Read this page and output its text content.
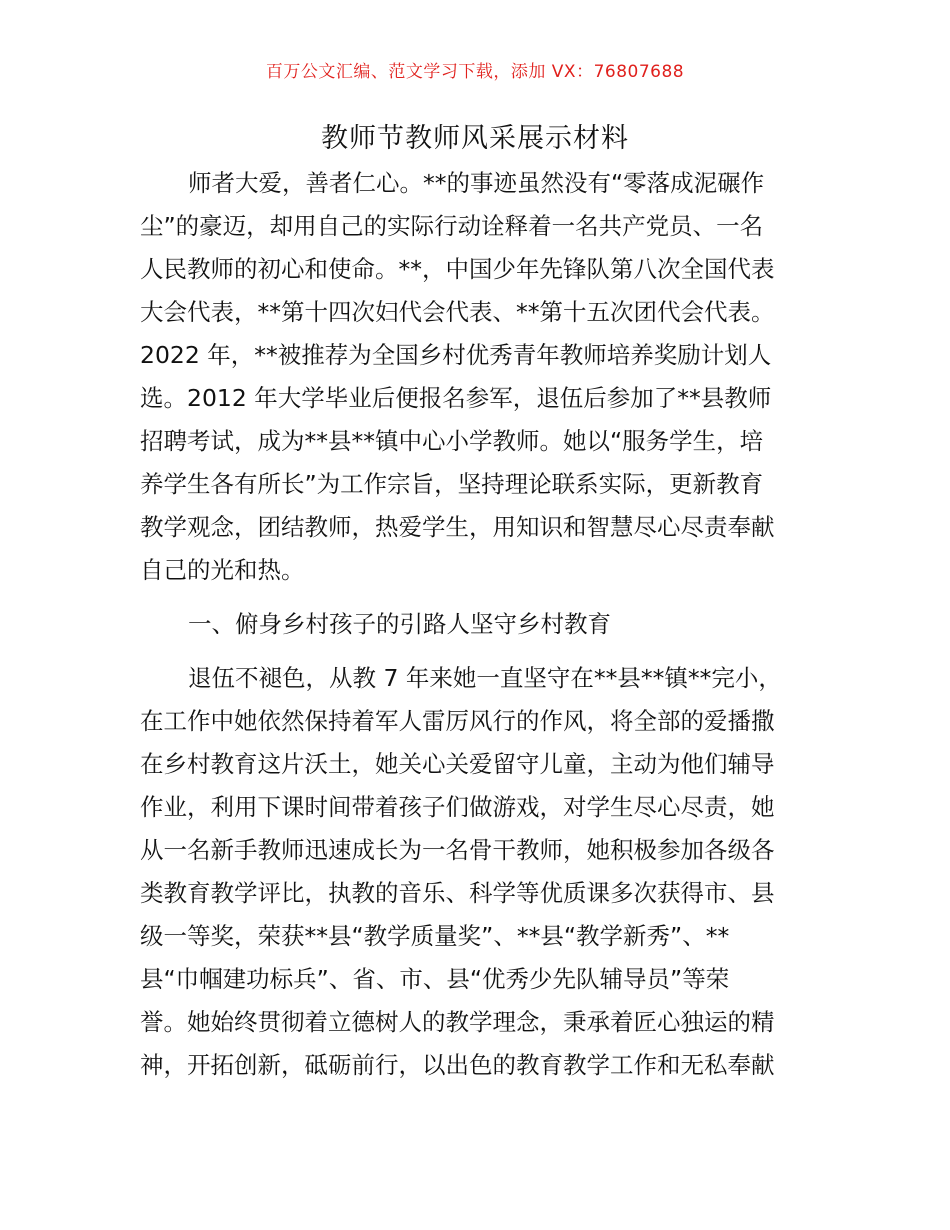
百万公文汇编、范文学习下载，添加 VX：76807688
教师节教师风采展示材料
师者大爱，善者仁心。**的事迹虽然没有“零落成泥碾作
尘”的豪迈，却用自己的实际行动诠释着一名共产党员、一名
人民教师的初心和使命。**，中国少年先锋队第八次全国代表
大会代表，**第十四次妇代会代表、**第十五次团代会代表。
2022 年，**被推荐为全国乡村优秀青年教师培养奖励计划人
选。2012 年大学毕业后便报名参军，退伍后参加了**县教师
招聘考试，成为**县**镇中心小学教师。她以“服务学生，培
养学生各有所长”为工作宗旨，坚持理论联系实际，更新教育
教学观念，团结教师，热爱学生，用知识和智慧尽心尽责奉献
自己的光和热。
一、俯身乡村孩子的引路人坚守乡村教育
退伍不褪色，从教 7 年来她一直坚守在**县**镇**完小，
在工作中她依然保持着军人雷厉风行的作风，将全部的爱播撒
在乡村教育这片沃土，她关心关爱留守儿童，主动为他们辅导
作业，利用下课时间带着孩子们做游戏，对学生尽心尽责，她
从一名新手教师迅速成长为一名骨干教师，她积极参加各级各
类教育教学评比，执教的音乐、科学等优质课多次获得市、县
级一等奖，荣获**县“教学质量奖”、**县“教学新秀”、**
县“巾帼建功标兵”、省、市、县“优秀少先队辅导员”等荣
誉。她始终贯彻着立德树人的教学理念，秉承着匠心独运的精
神，开拓创新，砥砺前行，以出色的教育教学工作和无私奉献
